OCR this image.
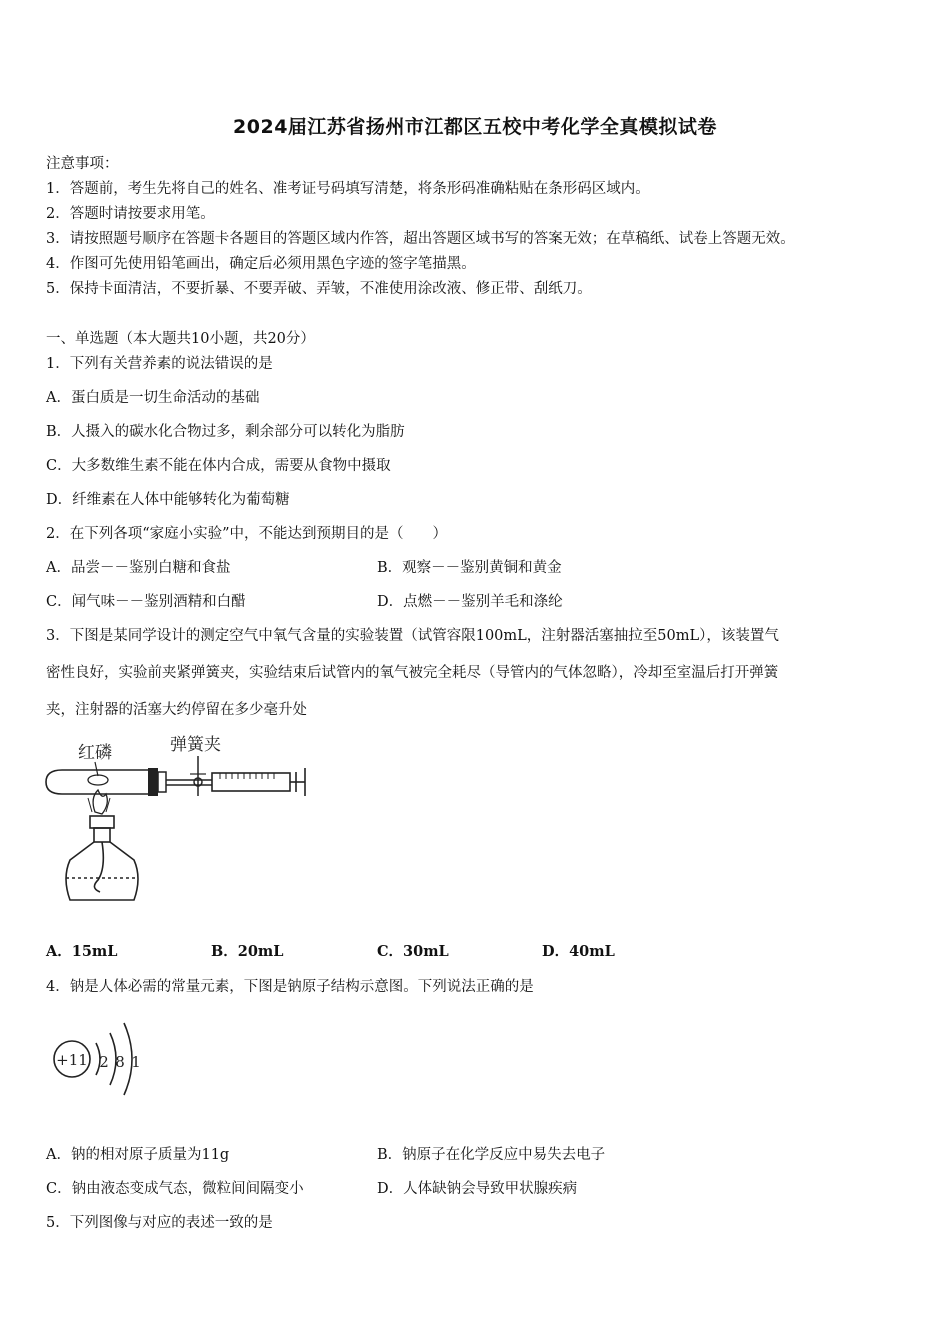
2024届江苏省扬州市江都区五校中考化学全真模拟试卷
注意事项：
1．答题前，考生先将自己的姓名、准考证号码填写清楚，将条形码准确粘贴在条形码区域内。
2．答题时请按要求用笔。
3．请按照题号顺序在答题卡各题目的答题区域内作答，超出答题区域书写的答案无效；在草稿纸、试卷上答题无效。
4．作图可先使用铅笔画出，确定后必须用黑色字迹的签字笔描黑。
5．保持卡面清洁，不要折暴、不要弄破、弄皱，不准使用涂改液、修正带、刮纸刀。
一、单选题（本大题共10小题，共20分）
1．下列有关营养素的说法错误的是
A．蛋白质是一切生命活动的基础
B．人摄入的碳水化合物过多，剩余部分可以转化为脂肪
C．大多数维生素不能在体内合成，需要从食物中摄取
D．纤维素在人体中能够转化为葡萄糖
2．在下列各项“家庭小实验”中，不能达到预期目的是（　　）
A．品尝－－鉴别白糖和食盐	B．观察－－鉴别黄铜和黄金
C．闻气味－－鉴别酒精和白醋	D．点燃－－鉴别羊毛和涤纶
3．下图是某同学设计的测定空气中氧气含量的实验装置（试管容限100mL，注射器活塞抽拉至50mL），该装置气
密性良好，实验前夹紧弹簧夹，实验结束后试管内的氧气被完全耗尽（导管内的气体忽略），冷却至室温后打开弹簧
夹，注射器的活塞大约停留在多少毫升处
红磷	弹簧夹
A．15mL	B．20mL	C．30mL	D．40mL
4．钠是人体必需的常量元素，下图是钠原子结构示意图。下列说法正确的是
+11 2 8 1
A．钠的相对原子质量为11g	B．钠原子在化学反应中易失去电子
C．钠由液态变成气态，微粒间间隔变小	D．人体缺钠会导致甲状腺疾病
5．下列图像与对应的表述一致的是
